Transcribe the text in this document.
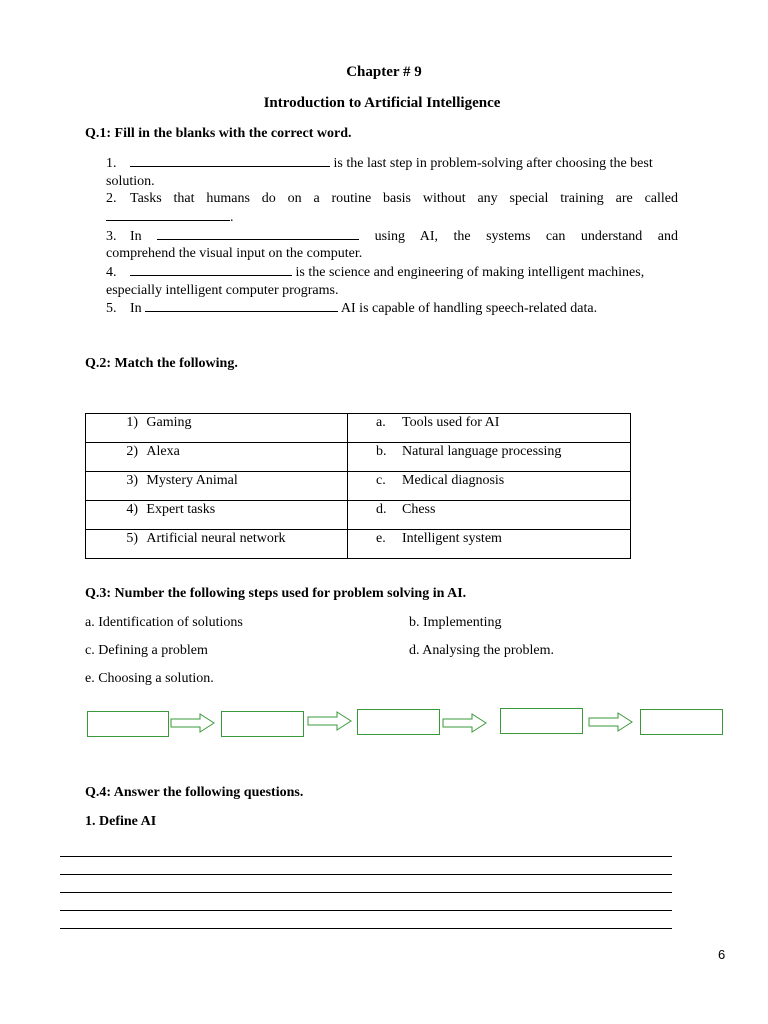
Chapter # 9
Introduction to Artificial Intelligence
Q.1: Fill in the blanks with the correct word.
1.	is the last step in problem-solving after choosing the best
solution.
2. Tasks that humans do on a routine basis without any special training are called
.
3. In	using AI, the systems can understand and
comprehend the visual input on the computer.
4.	is the science and engineering of making intelligent machines,
especially intelligent computer programs.
5. In	AI is capable of handling speech-related data.
Q.2: Match the following.
1) Gaming	a. Tools used for AI

2) Alexa	b. Natural language processing

3) Mystery Animal	c. Medical diagnosis

4) Expert tasks	d. Chess

5) Artificial neural network	e. Intelligent system
Q.3: Number the following steps used for problem solving in AI.
a. Identification of solutions	b. Implementing
c. Defining a problem	d. Analysing the problem.
e. Choosing a solution.
Q.4: Answer the following questions.
1. Define AI
6
